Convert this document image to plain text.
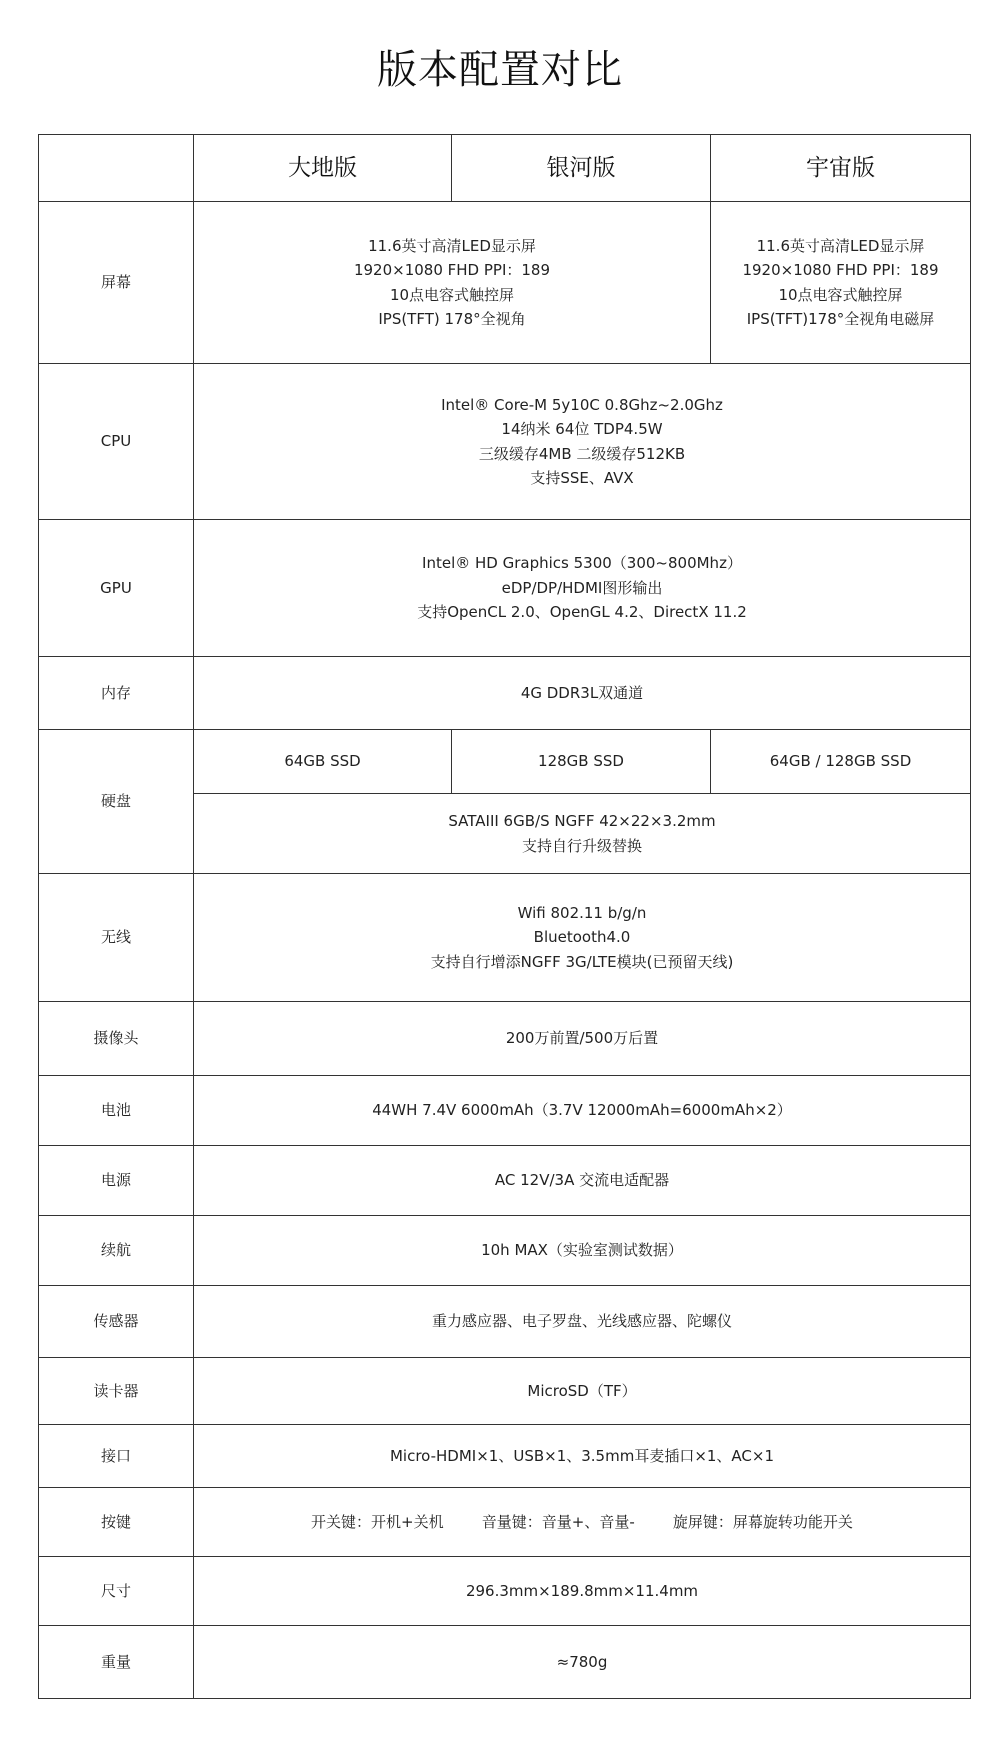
版本配置对比
	大地版	银河版	宇宙版
屏幕	11.6英寸高清LED显示屏
1920×1080 FHD PPI：189
10点电容式触控屏
IPS(TFT) 178°全视角		11.6英寸高清LED显示屏
1920×1080 FHD PPI：189
10点电容式触控屏
IPS(TFT)178°全视角电磁屏

CPU	Intel® Core-M 5y10C 0.8Ghz~2.0Ghz
14纳米 64位 TDP4.5W
三级缓存4MB 二级缓存512KB
支持SSE、AVX		

GPU	Intel® HD Graphics 5300（300~800Mhz）
eDP/DP/HDMI图形输出
支持OpenCL 2.0、OpenGL 4.2、DirectX 11.2		

内存	4G DDR3L双通道		
硬盘	64GB SSD	128GB SSD	64GB / 128GB SSD

	SATAIII 6GB/S NGFF 42×22×3.2mm
支持自行升级替换		

无线	Wifi 802.11 b/g/n
Bluetooth4.0
支持自行增添NGFF 3G/LTE模块(已预留天线)		

摄像头	200万前置/500万后置		
电池	44WH 7.4V 6000mAh（3.7V 12000mAh=6000mAh×2）		
电源	AC 12V/3A 交流电适配器		
续航	10h MAX（实验室测试数据）		
传感器	重力感应器、电子罗盘、光线感应器、陀螺仪		
读卡器	MicroSD（TF）		
接口	Micro-HDMI×1、USB×1、3.5mm耳麦插口×1、AC×1		
按键	开关键：开机+关机 音量键：音量+、音量- 旋屏键：屏幕旋转功能开关		
尺寸	296.3mm×189.8mm×11.4mm		
重量	≈780g		
